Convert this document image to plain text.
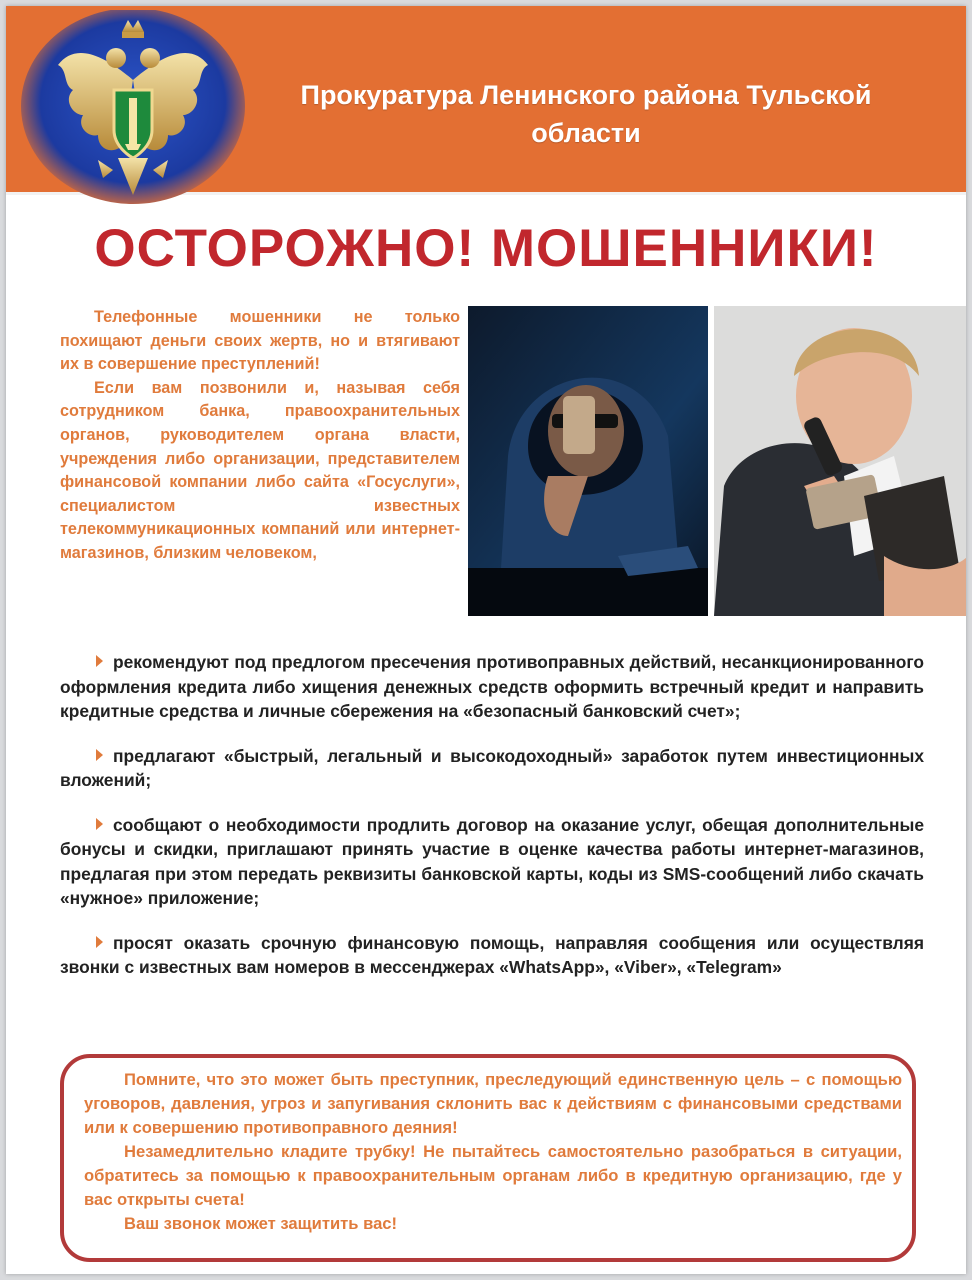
Прокуратура Ленинского района Тульской области
ОСТОРОЖНО! МОШЕННИКИ!

Телефонные мошенники не только похищают деньги своих жертв, но и втягивают их в совершение преступлений!

Если вам позвонили и, называя себя сотрудником банка, правоохранительных органов, руководителем органа власти, учреждения либо организации, представителем финансовой компании либо сайта «Госуслуги», специалистом известных телекоммуникационных компаний или интернет-магазинов, близким человеком,

рекомендуют под предлогом пресечения противоправных действий, несанкционированного оформления кредита либо хищения денежных средств оформить встречный кредит и направить кредитные средства и личные сбережения на «безопасный банковский счет»;

предлагают «быстрый, легальный и высокодоходный» заработок путем инвестиционных вложений;

сообщают о необходимости продлить договор на оказание услуг, обещая дополнительные бонусы и скидки, приглашают принять участие в оценке качества работы интернет-магазинов, предлагая при этом передать реквизиты банковской карты, коды из SMS-сообщений либо скачать «нужное» приложение;

просят оказать срочную финансовую помощь, направляя сообщения или осуществляя звонки с известных вам номеров в мессенджерах «WhatsApp», «Viber», «Telegram»

Помните, что это может быть преступник, преследующий единственную цель – с помощью уговоров, давления, угроз и запугивания склонить вас к действиям с финансовыми средствами или к совершению противоправного деяния!

Незамедлительно кладите трубку! Не пытайтесь самостоятельно разобраться в ситуации, обратитесь за помощью к правоохранительным органам либо в кредитную организацию, где у вас открыты счета!

Ваш звонок может защитить вас!
